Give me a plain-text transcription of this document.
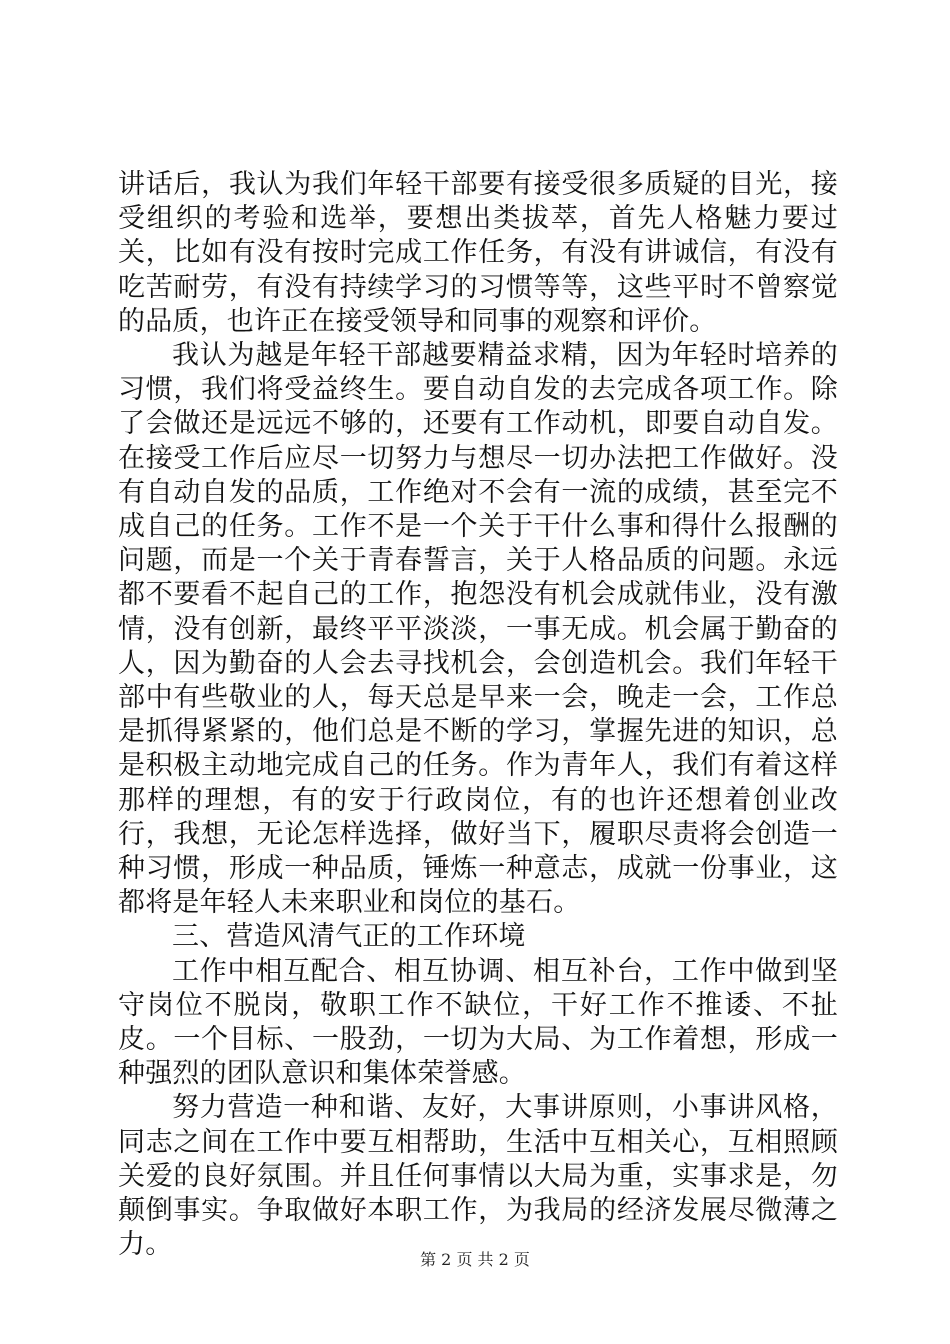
讲话后，我认为我们年轻干部要有接受很多质疑的目光，接受组织的考验和选举，要想出类拔萃，首先人格魅力要过关，比如有没有按时完成工作任务，有没有讲诚信，有没有吃苦耐劳，有没有持续学习的习惯等等，这些平时不曾察觉的品质，也许正在接受领导和同事的观察和评价。

我认为越是年轻干部越要精益求精，因为年轻时培养的习惯，我们将受益终生。要自动自发的去完成各项工作。除了会做还是远远不够的，还要有工作动机，即要自动自发。在接受工作后应尽一切努力与想尽一切办法把工作做好。没有自动自发的品质，工作绝对不会有一流的成绩，甚至完不成自己的任务。工作不是一个关于干什么事和得什么报酬的问题，而是一个关于青春誓言，关于人格品质的问题。永远都不要看不起自己的工作，抱怨没有机会成就伟业，没有激情，没有创新，最终平平淡淡，一事无成。机会属于勤奋的人，因为勤奋的人会去寻找机会，会创造机会。我们年轻干部中有些敬业的人，每天总是早来一会，晚走一会，工作总是抓得紧紧的，他们总是不断的学习，掌握先进的知识，总是积极主动地完成自己的任务。作为青年人，我们有着这样那样的理想，有的安于行政岗位，有的也许还想着创业改行，我想，无论怎样选择，做好当下，履职尽责将会创造一种习惯，形成一种品质，锤炼一种意志，成就一份事业，这都将是年轻人未来职业和岗位的基石。

三、营造风清气正的工作环境

工作中相互配合、相互协调、相互补台，工作中做到坚守岗位不脱岗，敬职工作不缺位，干好工作不推诿、不扯皮。一个目标、一股劲，一切为大局、为工作着想，形成一种强烈的团队意识和集体荣誉感。

努力营造一种和谐、友好，大事讲原则，小事讲风格，同志之间在工作中要互相帮助，生活中互相关心，互相照顾关爱的良好氛围。并且任何事情以大局为重，实事求是，勿颠倒事实。争取做好本职工作，为我局的经济发展尽微薄之力。	第 2 页 共 2 页
